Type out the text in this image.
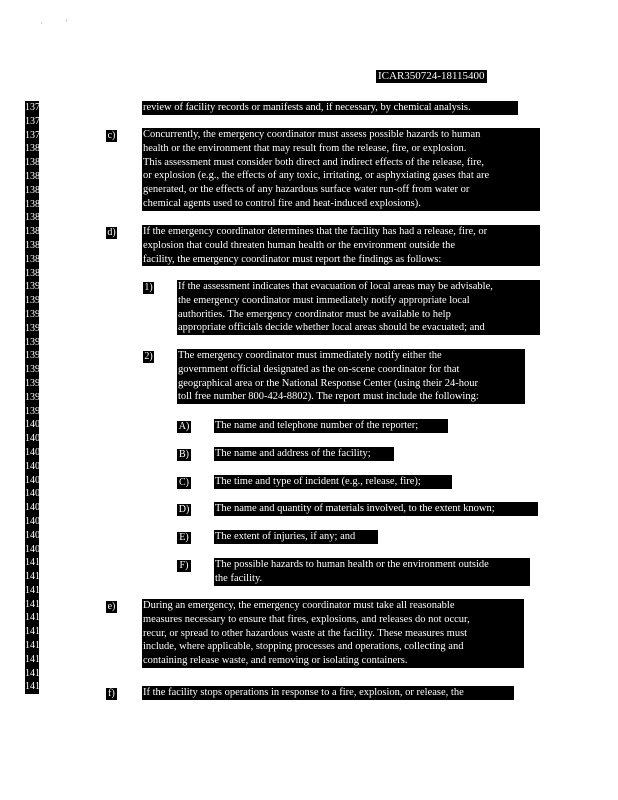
·          '
ICAR350724-18115400
1377
1378
1379
1380
1381
1382
1383
1384
1385
1386
1387
1388
1389
1390
1391
1392
1393
1394
1395
1396
1397
1398
1399
1400
1401
1402
1403
1404
1405
1406
1407
1408
1409
1410
1411
1412
1413
1414
1415
1416
1417
1418
1419
review of facility records or manifests and, if necessary, by chemical analysis.
c)	Concurrently, the emergency coordinator must assess possible hazards to human
health or the environment that may result from the release, fire, or explosion.
This assessment must consider both direct and indirect effects of the release, fire,
or explosion (e.g., the effects of any toxic, irritating, or asphyxiating gases that are
generated, or the effects of any hazardous surface water run-off from water or
chemical agents used to control fire and heat-induced explosions).
d)	If the emergency coordinator determines that the facility has had a release, fire, or
explosion that could threaten human health or the environment outside the
facility, the emergency coordinator must report the findings as follows:
1) If the assessment indicates that evacuation of local areas may be advisable,
the emergency coordinator must immediately notify appropriate local
authorities. The emergency coordinator must be available to help
appropriate officials decide whether local areas should be evacuated; and
2) The emergency coordinator must immediately notify either the
government official designated as the on-scene coordinator for that
geographical area or the National Response Center (using their 24-hour
toll free number 800-424-8802). The report must include the following:
A) The name and telephone number of the reporter;
B) The name and address of the facility;
C) The time and type of incident (e.g., release, fire);
D) The name and quantity of materials involved, to the extent known;
E)	The extent of injuries, if any; and
F)	The possible hazards to human health or the environment outside
the facility.
e)	During an emergency, the emergency coordinator must take all reasonable
measures necessary to ensure that fires, explosions, and releases do not occur,
recur, or spread to other hazardous waste at the facility. These measures must
include, where applicable, stopping processes and operations, collecting and
containing release waste, and removing or isolating containers.
f)	If the facility stops operations in response to a fire, explosion, or release, the
